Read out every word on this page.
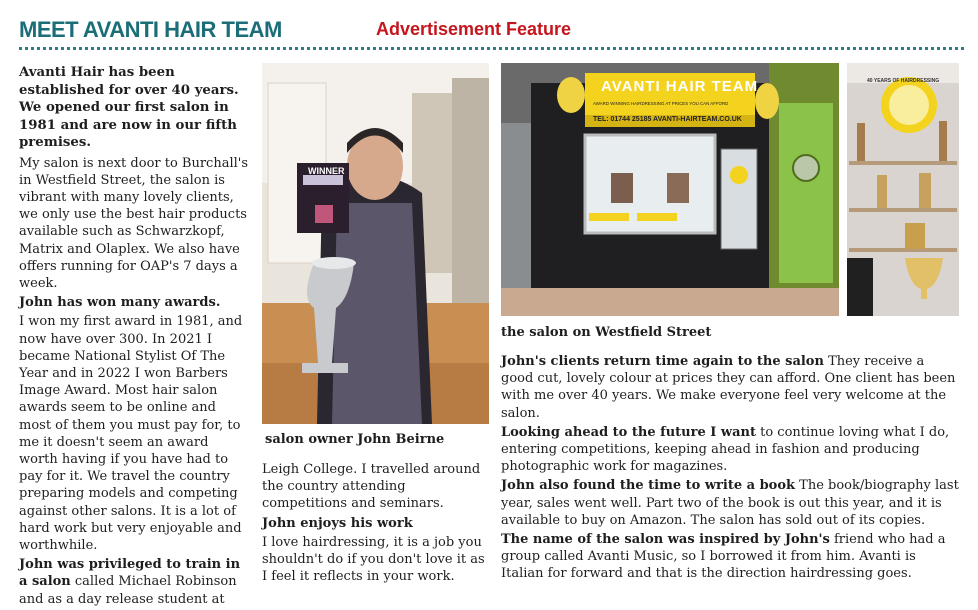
MEET AVANTI HAIR TEAM	Advertisement Feature

Avanti Hair has been established for over 40 years. We opened our first salon in 1981 and are now in our fifth premises.

My salon is next door to Burchall's in Westfield Street, the salon is vibrant with many lovely clients, we only use the best hair products available such as Schwarzkopf, Matrix and Olaplex. We also have offers running for OAP's 7 days a week.

John has won many awards.

I won my first award in 1981, and now have over 300. In 2021 I became National Stylist Of The Year and in 2022 I won Barbers Image Award. Most hair salon awards seem to be online and most of them you must pay for, to me it doesn't seem an award worth having if you have had to pay for it. We travel the country preparing models and competing against other salons. It is a lot of hard work but very enjoyable and worthwhile.

John was privileged to train in a salon called Michael Robinson and as a day release student at

WINNER
salon owner John Beirne

Leigh College. I travelled around the country attending competitions and seminars.

John enjoys his work

I love hairdressing, it is a job you shouldn't do if you don't love it as I feel it reflects in your work.

AVANTI HAIR TEAM
AWARD WINNING HAIRDRESSING AT PRICES YOU CAN AFFORD
TEL: 01744 25185 AVANTI-HAIRTEAM.CO.UK
40 YEARS OF HAIRDRESSING
the salon on Westfield Street

John's clients return time again to the salon They receive a good cut, lovely colour at prices they can afford. One client has been with me over 40 years. We make everyone feel very welcome at the salon.

Looking ahead to the future I want to continue loving what I do, entering competitions, keeping ahead in fashion and producing photographic work for magazines.

John also found the time to write a book The book/biography last year, sales went well. Part two of the book is out this year, and it is available to buy on Amazon. The salon has sold out of its copies.

The name of the salon was inspired by John's friend who had a group called Avanti Music, so I borrowed it from him. Avanti is Italian for forward and that is the direction hairdressing goes.
